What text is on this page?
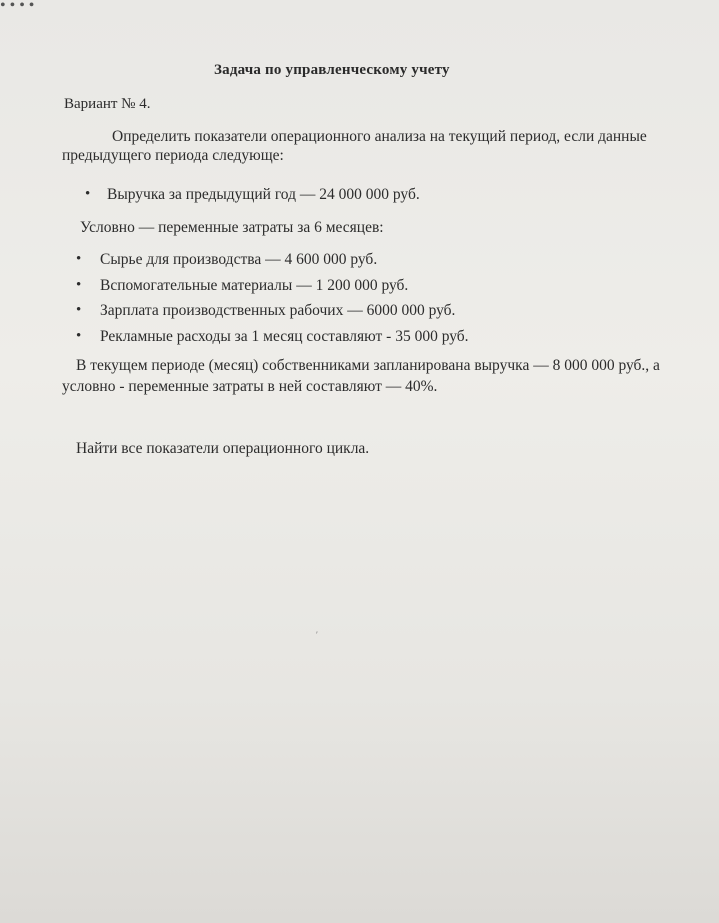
• • • •
Задача по управленческому учету
Вариант № 4.
Определить показатели операционного анализа на текущий период, если данные предыдущего периода следующе:
• Выручка за предыдущий год — 24 000 000 руб.
Условно — переменные затраты за 6 месяцев:
• Сырье для производства — 4 600 000 руб.
• Вспомогательные материалы — 1 200 000 руб.
• Зарплата производственных рабочих — 6000 000 руб.
• Рекламные расходы за 1 месяц составляют - 35 000 руб.
В текущем периоде (месяц) собственниками запланирована выручка — 8 000 000 руб., а условно - переменные затраты в ней составляют — 40%.
Найти все показатели операционного цикла.
′
